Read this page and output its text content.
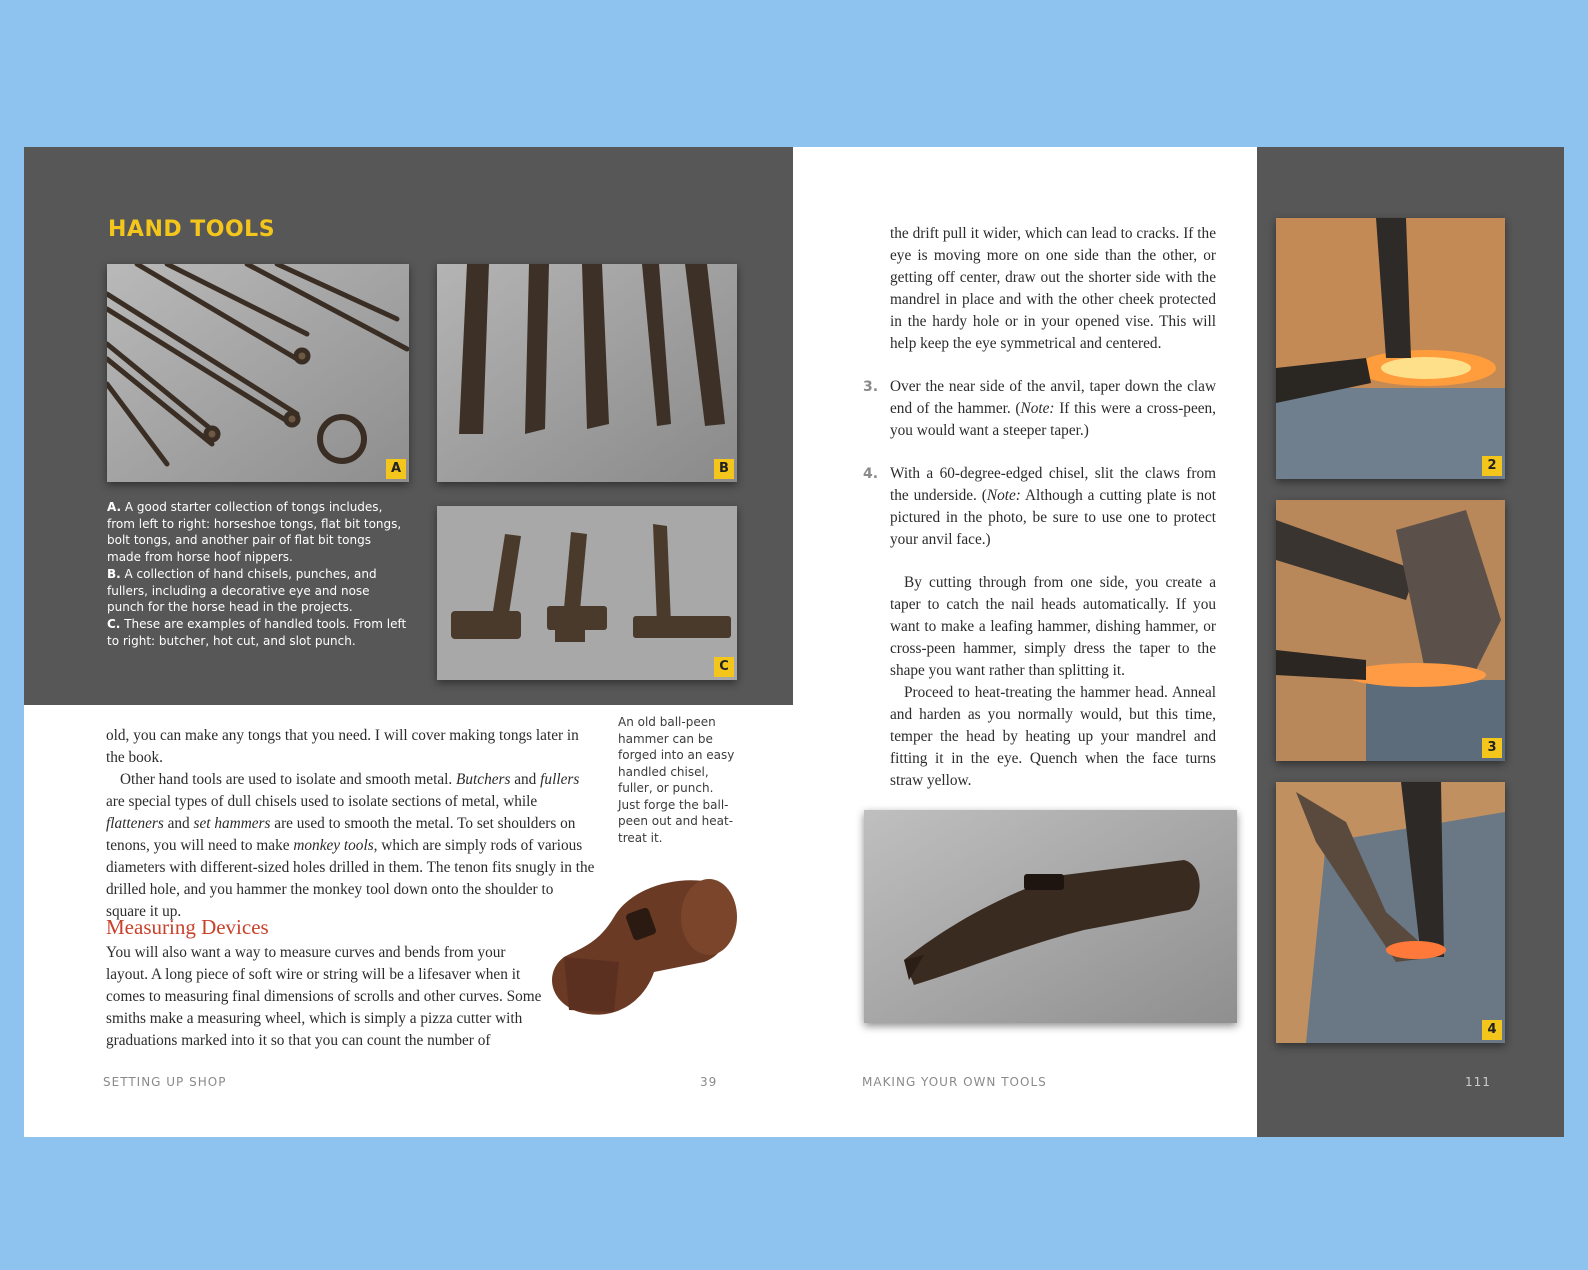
HAND TOOLS
A	B
C

A. A good starter collection of tongs includes, from left to right: horseshoe tongs, flat bit tongs, bolt tongs, and another pair of flat bit tongs made from horse hoof nippers.

B. A collection of hand chisels, punches, and fullers, including a decorative eye and nose punch for the horse head in the projects.

C. These are examples of handled tools. From left to right: butcher, hot cut, and slot punch.

old, you can make any tongs that you need. I will cover making tongs later in the book.

Other hand tools are used to isolate and smooth metal. Butchers and fullers are special types of dull chisels used to isolate sections of metal, while flatteners and set hammers are used to smooth the metal. To set shoulders on tenons, you will need to make monkey tools, which are simply rods of various diameters with different-sized holes drilled in them. The tenon fits snugly in the drilled hole, and you hammer the monkey tool down onto the shoulder to square it up.

Measuring Devices

You will also want a way to measure curves and bends from your layout. A long piece of soft wire or string will be a lifesaver when it comes to measuring final dimensions of scrolls and other curves. Some smiths make a measuring wheel, which is simply a pizza cutter with graduations marked into it so that you can count the number of

An old ball-peen hammer can be forged into an easy handled chisel, fuller, or punch. Just forge the ball-peen out and heat-treat it.
SETTING UP SHOP	39

the drift pull it wider, which can lead to cracks. If the eye is moving more on one side than the other, or getting off center, draw out the shorter side with the mandrel in place and with the other cheek protected in the hardy hole or in your opened vise. This will help keep the eye symmetrical and centered.

3. Over the near side of the anvil, taper down the claw end of the hammer. (Note: If this were a cross-peen, you would want a steeper taper.)

4. With a 60-degree-edged chisel, slit the claws from the underside. (Note: Although a cutting plate is not pictured in the photo, be sure to use one to protect your anvil face.)

By cutting through from one side, you create a taper to catch the nail heads automatically. If you want to make a leafing hammer, dishing hammer, or cross-peen hammer, simply dress the taper to the shape you want rather than splitting it.

Proceed to heat-treating the hammer head. Anneal and harden as you normally would, but this time, temper the head by heating up your mandrel and fitting it in the eye. Quench when the face turns straw yellow.

2
3
4
MAKING YOUR OWN TOOLS	111
